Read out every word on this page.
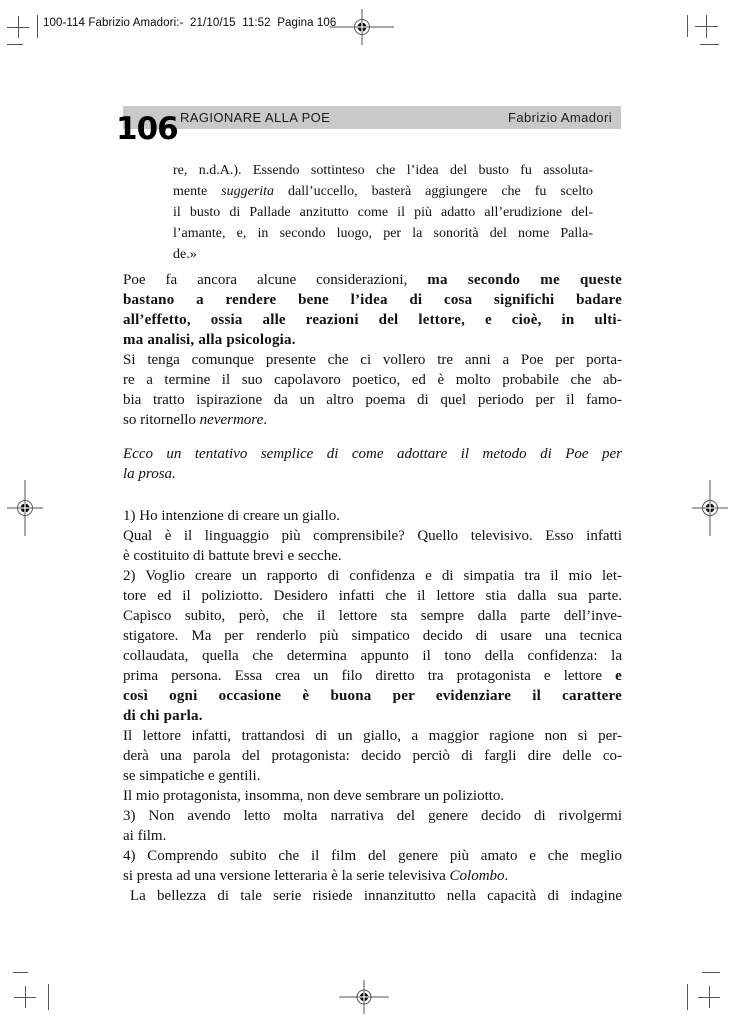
100-114 Fabrizio Amadori:-  21/10/15  11:52  Pagina 106
RAGIONARE ALLA POE	Fabrizio Amadori
106
re, n.d.A.). Essendo sottinteso che l’idea del busto fu assoluta-
mente suggerita dall’uccello, basterà aggiungere che fu scelto
il busto di Pallade anzitutto come il più adatto all’erudizione del-
l’amante, e, in secondo luogo, per la sonorità del nome Palla-
de.»
Poe fa ancora alcune considerazioni, ma secondo me queste
bastano a rendere bene l’idea di cosa significhi badare
all’effetto, ossia alle reazioni del lettore, e cioè, in ulti-
ma analisi, alla psicologia.
Si tenga comunque presente che ci vollero tre anni a Poe per porta-
re a termine il suo capolavoro poetico, ed è molto probabile che ab-
bia tratto ispirazione da un altro poema di quel periodo per il famo-
so ritornello nevermore.
Ecco un tentativo semplice di come adottare il metodo di Poe per
la prosa.
1) Ho intenzione di creare un giallo.
Qual è il linguaggio più comprensibile? Quello televisivo. Esso infatti
è costituito di battute brevi e secche.
2) Voglio creare un rapporto di confidenza e di simpatia tra il mio let-
tore ed il poliziotto. Desidero infatti che il lettore stia dalla sua parte.
Capisco subito, però, che il lettore sta sempre dalla parte dell’inve-
stigatore. Ma per renderlo più simpatico decido di usare una tecnica
collaudata, quella che determina appunto il tono della confidenza: la
prima persona. Essa crea un filo diretto tra protagonista e lettore e
così ogni occasione è buona per evidenziare il carattere
di chi parla.
Il lettore infatti, trattandosi di un giallo, a maggior ragione non si per-
derà una parola del protagonista: decido perciò di fargli dire delle co-
se simpatiche e gentili.
Il mio protagonista, insomma, non deve sembrare un poliziotto.
3) Non avendo letto molta narrativa del genere decido di rivolgermi
ai film.
4) Comprendo subito che il film del genere più amato e che meglio
si presta ad una versione letteraria è la serie televisiva Colombo.
La bellezza di tale serie risiede innanzitutto nella capacità di indagine
